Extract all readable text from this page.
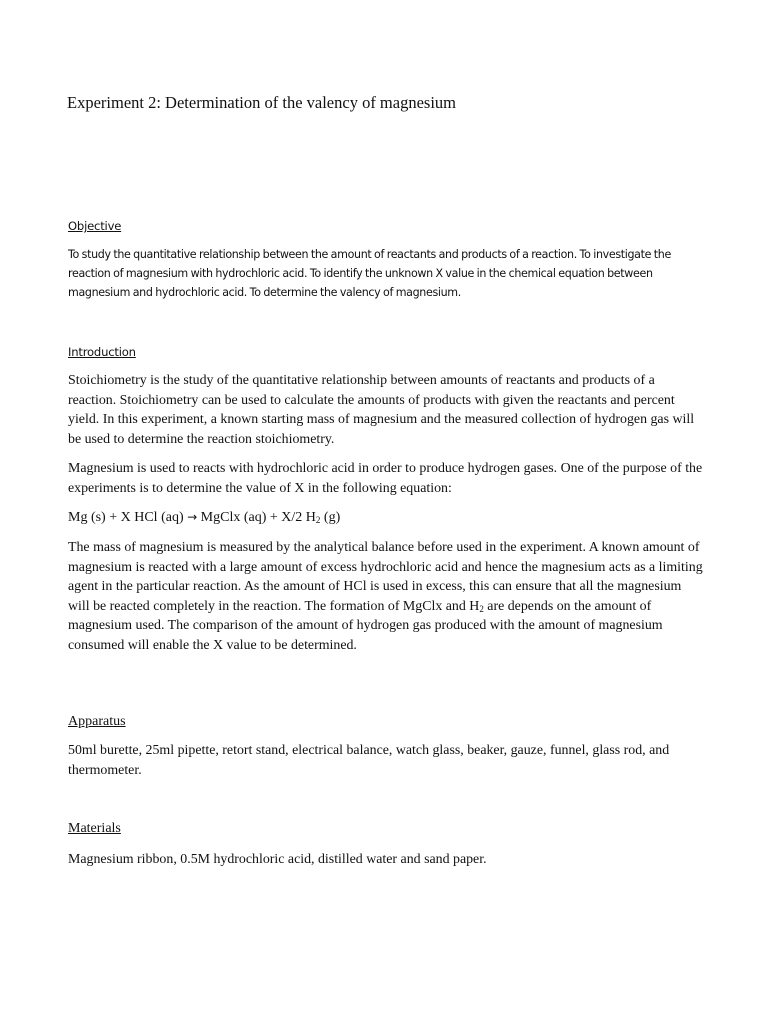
Experiment 2: Determination of the valency of magnesium
Objective
To study the quantitative relationship between the amount of reactants and products of a reaction. To investigate the reaction of magnesium with hydrochloric acid. To identify the unknown X value in the chemical equation between magnesium and hydrochloric acid. To determine the valency of magnesium.
Introduction
Stoichiometry is the study of the quantitative relationship between amounts of reactants and products of a reaction. Stoichiometry can be used to calculate the amounts of products with given the reactants and percent yield. In this experiment, a known starting mass of magnesium and the measured collection of hydrogen gas will be used to determine the reaction stoichiometry.
Magnesium is used to reacts with hydrochloric acid in order to produce hydrogen gases. One of the purpose of the experiments is to determine the value of X in the following equation:
Mg (s) + X HCl (aq) → MgClx (aq) + X/2 $H_2$ (g)
The mass of magnesium is measured by the analytical balance before used in the experiment. A known amount of magnesium is reacted with a large amount of excess hydrochloric acid and hence the magnesium acts as a limiting agent in the particular reaction. As the amount of HCl is used in excess, this can ensure that all the magnesium will be reacted completely in the reaction. The formation of MgClx and $H_2$ are depends on the amount of magnesium used. The comparison of the amount of hydrogen gas produced with the amount of magnesium consumed will enable the X value to be determined.
Apparatus
50ml burette, 25ml pipette, retort stand, electrical balance, watch glass, beaker, gauze, funnel, glass rod, and thermometer.
Materials
Magnesium ribbon, 0.5M hydrochloric acid, distilled water and sand paper.
